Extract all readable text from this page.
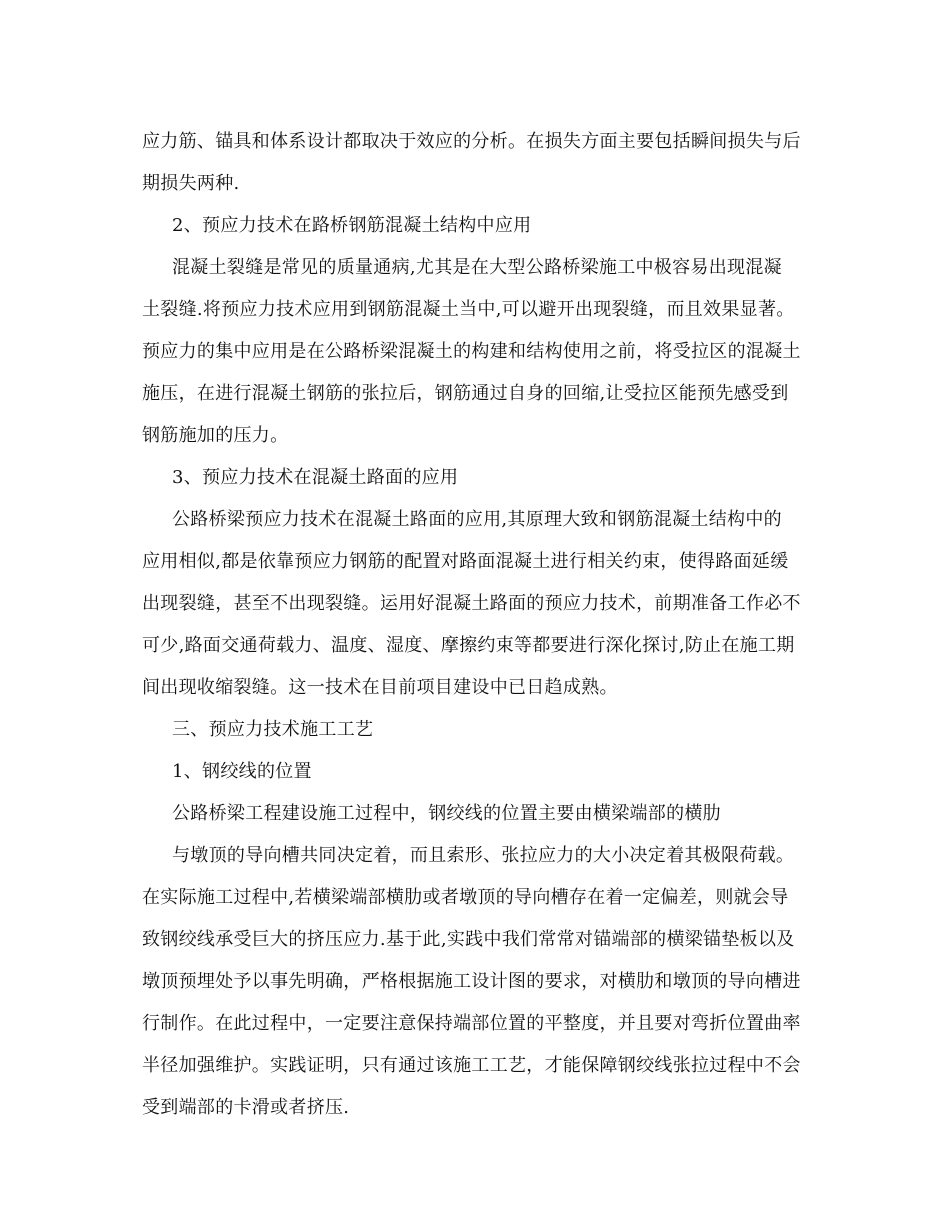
应力筋、锚具和体系设计都取决于效应的分析。在损失方面主要包括瞬间损失与后
期损失两种.
2、预应力技术在路桥钢筋混凝土结构中应用
混凝土裂缝是常见的质量通病,尤其是在大型公路桥梁施工中极容易出现混凝
土裂缝.将预应力技术应用到钢筋混凝土当中,可以避开出现裂缝，而且效果显著。
预应力的集中应用是在公路桥梁混凝土的构建和结构使用之前，将受拉区的混凝土
施压，在进行混凝土钢筋的张拉后，钢筋通过自身的回缩,让受拉区能预先感受到
钢筋施加的压力。
3、预应力技术在混凝土路面的应用
公路桥梁预应力技术在混凝土路面的应用,其原理大致和钢筋混凝土结构中的
应用相似,都是依靠预应力钢筋的配置对路面混凝土进行相关约束，使得路面延缓
出现裂缝，甚至不出现裂缝。运用好混凝土路面的预应力技术，前期准备工作必不
可少,路面交通荷载力、温度、湿度、摩擦约束等都要进行深化探讨,防止在施工期
间出现收缩裂缝。这一技术在目前项目建设中已日趋成熟。
三、预应力技术施工工艺
1、钢绞线的位置
公路桥梁工程建设施工过程中，钢绞线的位置主要由横梁端部的横肋
与墩顶的导向槽共同决定着，而且索形、张拉应力的大小决定着其极限荷载。
在实际施工过程中,若横梁端部横肋或者墩顶的导向槽存在着一定偏差，则就会导
致钢绞线承受巨大的挤压应力.基于此,实践中我们常常对锚端部的横梁锚垫板以及
墩顶预埋处予以事先明确，严格根据施工设计图的要求，对横肋和墩顶的导向槽进
行制作。在此过程中，一定要注意保持端部位置的平整度，并且要对弯折位置曲率
半径加强维护。实践证明，只有通过该施工工艺，才能保障钢绞线张拉过程中不会
受到端部的卡滑或者挤压.
